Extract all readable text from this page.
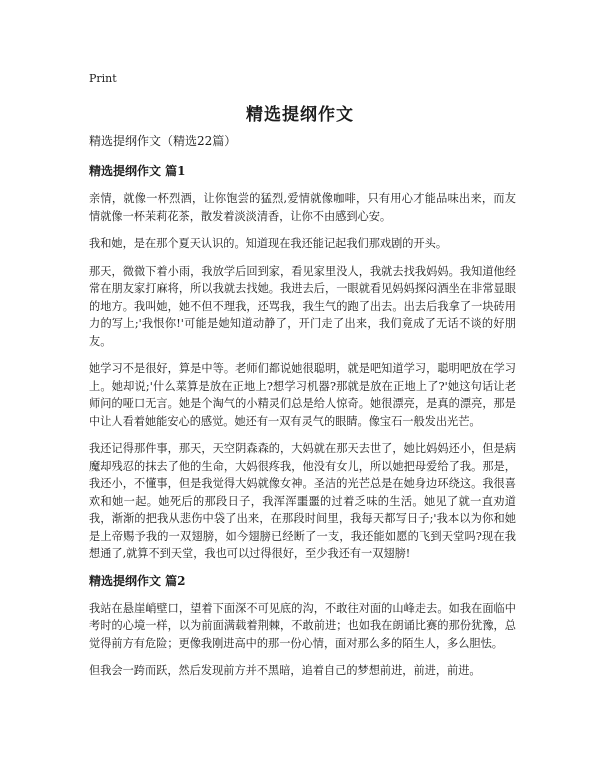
Print
精选提纲作文

精选提纲作文（精选22篇）

精选提纲作文 篇1

亲情，就像一杯烈酒，让你饱尝的猛烈,爱情就像咖啡，只有用心才能品味出来，而友情就像一杯茉莉花茶，散发着淡淡清香，让你不由感到心安。

我和她，是在那个夏天认识的。知道现在我还能记起我们那戏剧的开头。

那天，微微下着小雨，我放学后回到家，看见家里没人，我就去找我妈妈。我知道他经常在朋友家打麻将，所以我就去找她。我进去后，一眼就看见妈妈探闷酒坐在非常显眼的地方。我叫她，她不但不理我，还骂我，我生气的跑了出去。出去后我拿了一块砖用力的写上;'我恨你!'可能是她知道动静了，开门走了出来，我们竟成了无话不谈的好朋友。

她学习不是很好，算是中等。老师们都说她很聪明，就是吧知道学习，聪明吧放在学习上。她却说;'什么菜算是放在正地上?想学习机器?那就是放在正地上了?'她这句话让老师问的哑口无言。她是个淘气的小精灵们总是给人惊奇。她很漂亮，是真的漂亮，那是中让人看着她能安心的感觉。她还有一双有灵气的眼睛。像宝石一般发出光芒。

我还记得那件事，那天，天空阴森森的，大妈就在那天去世了，她比妈妈还小，但是病魔却残忍的抹去了他的生命，大妈很疼我，他没有女儿，所以她把母爱给了我。那是，我还小，不懂事，但是我觉得大妈就像女神。圣洁的光芒总是在她身边环绕这。我很喜欢和她一起。她死后的那段日子，我浑浑噩噩的过着乏味的生活。她见了就一直劝道我，渐渐的把我从悲伤中袋了出来，在那段时间里，我每天都写日子;'我本以为你和她是上帝赐予我的一双翅膀，如今翅膀已经断了一支，我还能如愿的飞到天堂吗?现在我想通了,就算不到天堂，我也可以过得很好，至少我还有一双翅膀!

精选提纲作文 篇2

我站在悬崖峭壁口，望着下面深不可见底的沟，不敢往对面的山峰走去。如我在面临中考时的心境一样，以为前面满载着荆棘，不敢前进；也如我在朗诵比赛的那份犹豫，总觉得前方有危险；更像我刚进高中的那一份心情，面对那么多的陌生人，多么胆怯。

但我会一跨而跃，然后发现前方并不黑暗，追着自己的梦想前进，前进，前进。
